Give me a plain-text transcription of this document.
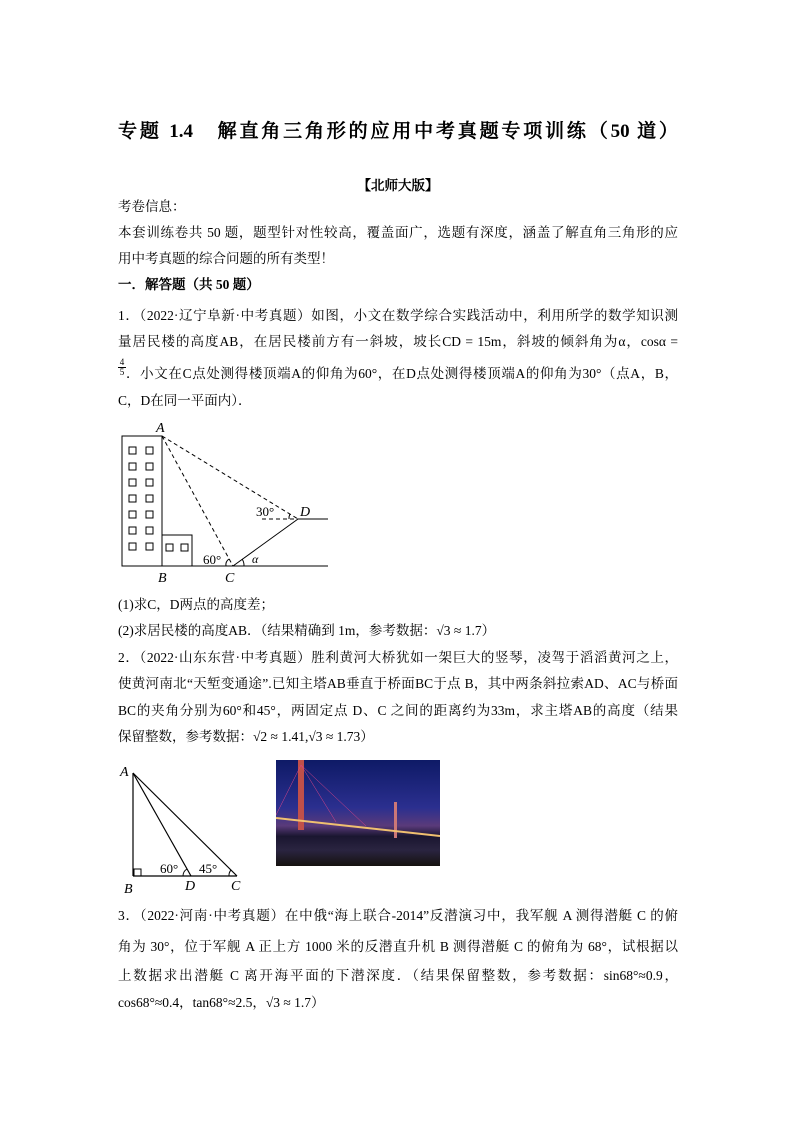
专题 1.4　解直角三角形的应用中考真题专项训练（50 道）
【北师大版】
考卷信息：
本套训练卷共 50 题，题型针对性较高，覆盖面广，选题有深度，涵盖了解直角三角形的应
用中考真题的综合问题的所有类型！
一．解答题（共 50 题）
1．（2022·辽宁阜新·中考真题）如图，小文在数学综合实践活动中，利用所学的数学知识测
量居民楼的高度AB，在居民楼前方有一斜坡，坡长CD = 15m，斜坡的倾斜角为α，cosα =
$\frac{4}{5}$ ．小文在C点处测得楼顶端A的仰角为60°，在D点处测得楼顶端A的仰角为30°（点A，B，
C，D在同一平面内）．
A
B	C
D
α
60°
30°
A
B	D	C
60° 45°
(1)求C，D两点的高度差；
(2)求居民楼的高度AB．（结果精确到 1m，参考数据：√3 ≈ 1.7）
2．（2022·山东东营·中考真题）胜利黄河大桥犹如一架巨大的竖琴，凌驾于滔滔黄河之上，
使黄河南北“天堑变通途”.已知主塔AB垂直于桥面BC于点 B，其中两条斜拉索AD、AC与桥面
BC的夹角分别为60°和45°，两固定点 D、C 之间的距离约为33m，求主塔AB的高度（结果
保留整数，参考数据：√2 ≈ 1.41,√3 ≈ 1.73）
3．（2022·河南·中考真题）在中俄“海上联合-2014”反潜演习中，我军舰 A 测得潜艇 C 的俯
角为 30°，位于军舰 A 正上方 1000 米的反潜直升机 B 测得潜艇 C 的俯角为 68°，试根据以
上数据求出潜艇 C 离开海平面的下潜深度．（结果保留整数，参考数据：sin68°≈0.9，
cos68°≈0.4，tan68°≈2.5，√3 ≈ 1.7）
